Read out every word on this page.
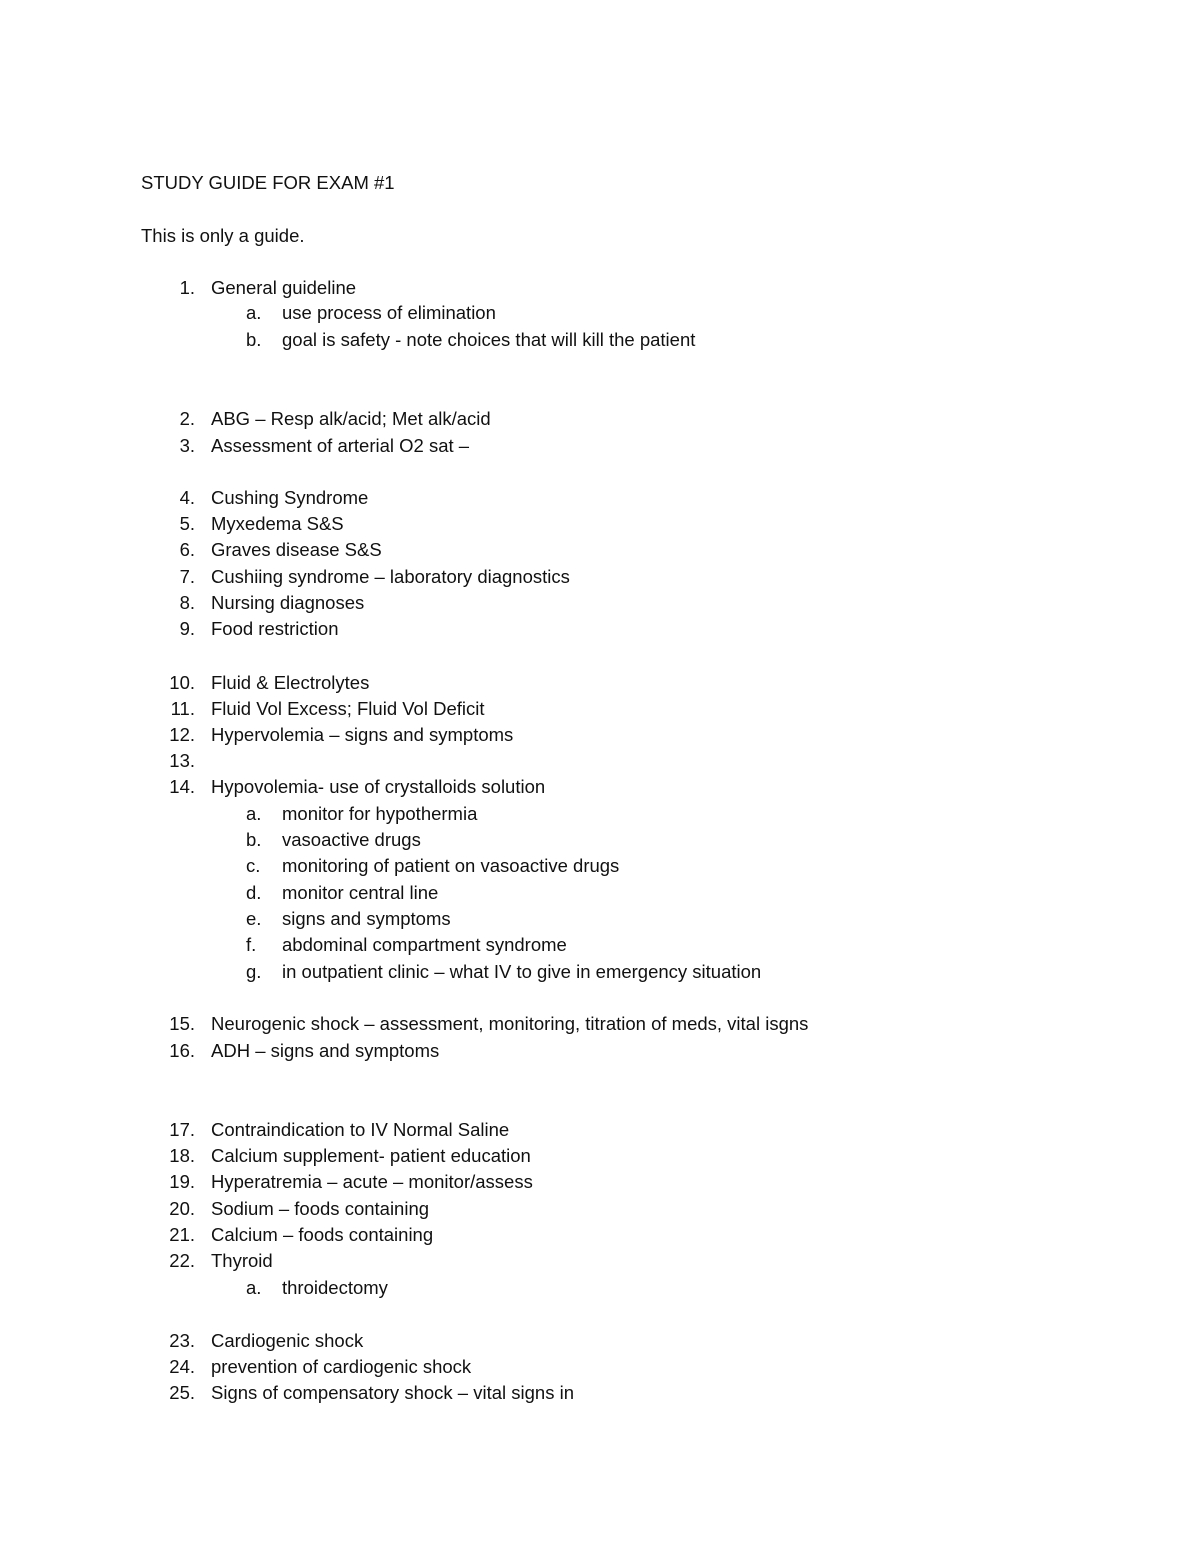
STUDY GUIDE FOR EXAM #1
This is only a guide.
1. General guideline
a. use process of elimination
b. goal is safety - note choices that will kill the patient
2. ABG – Resp alk/acid; Met alk/acid
3. Assessment of arterial O2 sat –
4. Cushing Syndrome
5. Myxedema S&S
6. Graves disease S&S
7. Cushiing syndrome – laboratory diagnostics
8. Nursing diagnoses
9. Food restriction
10. Fluid & Electrolytes
11. Fluid Vol Excess; Fluid Vol Deficit
12. Hypervolemia – signs and symptoms
13.
14. Hypovolemia- use of crystalloids solution
a. monitor for hypothermia
b. vasoactive drugs
c. monitoring of patient on vasoactive drugs
d. monitor central line
e. signs and symptoms
f. abdominal compartment syndrome
g. in outpatient clinic – what IV to give in emergency situation
15. Neurogenic shock – assessment, monitoring, titration of meds, vital isgns
16. ADH – signs and symptoms
17. Contraindication to IV Normal Saline
18. Calcium supplement- patient education
19. Hyperatremia – acute – monitor/assess
20. Sodium – foods containing
21. Calcium – foods containing
22. Thyroid
a. throidectomy
23. Cardiogenic shock
24. prevention of cardiogenic shock
25. Signs of compensatory shock – vital signs in
